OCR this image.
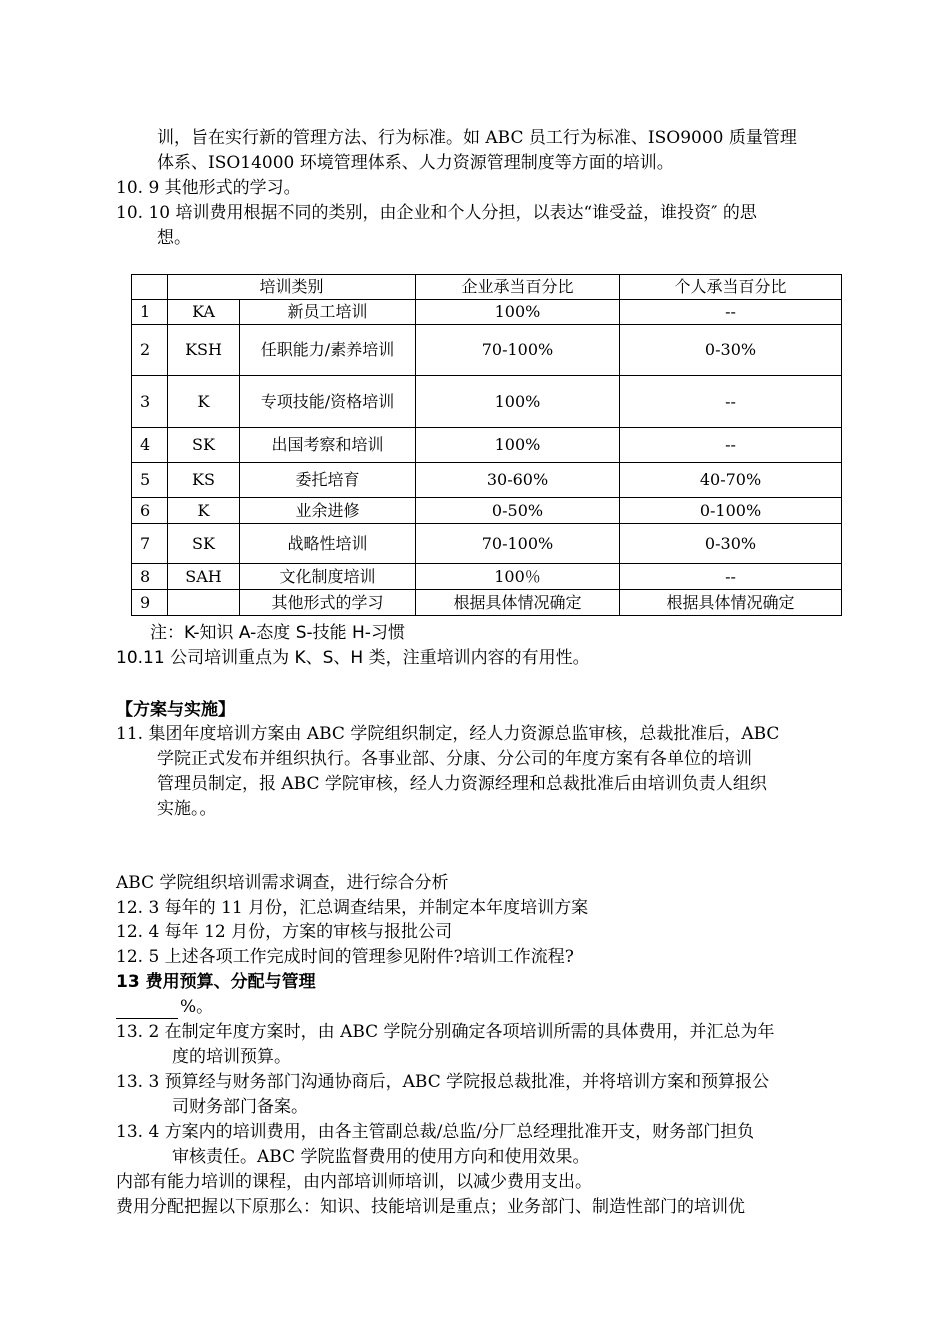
训，旨在实行新的管理方法、行为标准。如 ABC 员工行为标准、ISO9000 质量管理
体系、ISO14000 环境管理体系、人力资源管理制度等方面的培训。
10. 9 其他形式的学习。
10. 10 培训费用根据不同的类别，由企业和个人分担，以表达“谁受益，谁投资″ 的思
想。
	培训类别		企业承当百分比	个人承当百分比
1	KA	新员工培训	100%	--
2	KSH	任职能力/素养培训	70-100%	0-30%
3	K	专项技能/资格培训	100%	--
4	SK	出国考察和培训	100%	--
5	KS	委托培育	30-60%	40-70%
6	K	业余进修	0-50%	0-100%
7	SK	战略性培训	70-100%	0-30%
8	SAH	文化制度培训	100％	--
9		其他形式的学习	根据具体情况确定	根据具体情况确定
注：K-知识 A-态度 S-技能 H-习惯
10.11 公司培训重点为 K、S、H 类，注重培训内容的有用性。
【方案与实施】
11. 集团年度培训方案由 ABC 学院组织制定，经人力资源总监审核，总裁批准后，ABC
学院正式发布并组织执行。各事业部、分康、分公司的年度方案有各单位的培训
管理员制定，报 ABC 学院审核，经人力资源经理和总裁批准后由培训负责人组织
实施。。
ABC 学院组织培训需求调查，进行综合分析
12. 3 每年的 11 月份，汇总调查结果，并制定本年度培训方案
12. 4 每年 12 月份，方案的审核与报批公司
12. 5 上述各项工作完成时间的管理参见附件?培训工作流程?
13 费用预算、分配与管理
%。
13. 2 在制定年度方案时，由 ABC 学院分别确定各项培训所需的具体费用，并汇总为年
度的培训预算。
13. 3 预算经与财务部门沟通协商后，ABC 学院报总裁批准，并将培训方案和预算报公
司财务部门备案。
13. 4 方案内的培训费用，由各主管副总裁/总监/分厂总经理批准开支，财务部门担负
审核责任。ABC 学院监督费用的使用方向和使用效果。
内部有能力培训的课程，由内部培训师培训，以减少费用支出。
费用分配把握以下原那么：知识、技能培训是重点；业务部门、制造性部门的培训优
